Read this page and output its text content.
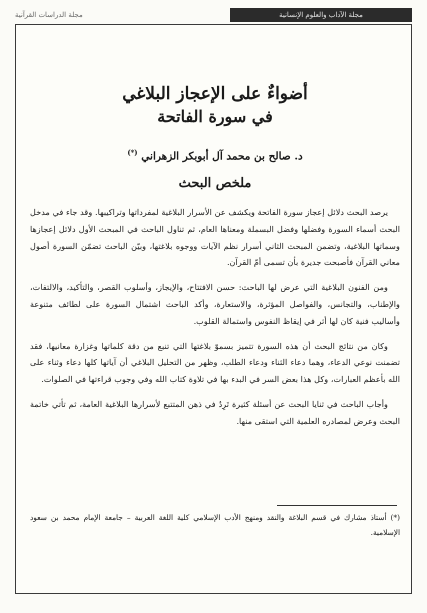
مجلة الآداب والعلوم الإنسانية
مجلة الدراسات القرآنية
أضواءٌ على الإعجاز البلاغي
في سورة الفاتحة
د. صالح بن محمد آل أبوبكر الزهراني (*)
ملخص البحث

يرصد البحث دلائل إعجاز سورة الفاتحة ويكشف عن الأسرار البلاغية لمفرداتها وتراكيبها. وقد جاء في مدخل البحث أسماء السورة وفضلها وفضل البسملة ومعناها العام، ثم تناول الباحث في المبحث الأول دلائل إعجازها وسماتها البلاغية، وتضمن المبحث الثاني أسرار نظم الآيات ووجوه بلاغتها، وبيّن الباحث تضمّن السورة أصول معاني القرآن فأصبحت جديرة بأن تسمى أمّ القرآن.

ومن الفنون البلاغية التي عرض لها الباحث: حسن الافتتاح، والإيجاز، وأسلوب القصر، والتأكيد، والالتفات، والإطناب، والتجانس، والفواصل المؤثرة، والاستعارة، وأكد الباحث اشتمال السورة على لطائف متنوعة وأساليب فنية كان لها أثر في إيقاظ النفوس واستمالة القلوب.

وكان من نتائج البحث أن هذه السورة تتميز بسموّ بلاغتها التي تنبع من دقة كلماتها وغزارة معانيها، فقد تضمنت نوعي الدعاء، وهما دعاء الثناء ودعاء الطلب، وظهر من التحليل البلاغي أن آياتها كلها دعاء وثناء على الله بأعظم العبارات، وكل هذا بعض السر في البدء بها في تلاوة كتاب الله وفي وجوب قراءتها في الصلوات.

وأجاب الباحث في ثنايا البحث عن أسئلة كثيرة تَرِدُ في ذهن المتتبع لأسرارها البلاغية العامة، ثم تأتي خاتمة البحث وعرض لمصادره العلمية التي استقى منها.

(*) أستاذ مشارك في قسم البلاغة والنقد ومنهج الأدب الإسلامي كلية اللغة العربية – جامعة الإمام محمد بن سعود الإسلامية.
